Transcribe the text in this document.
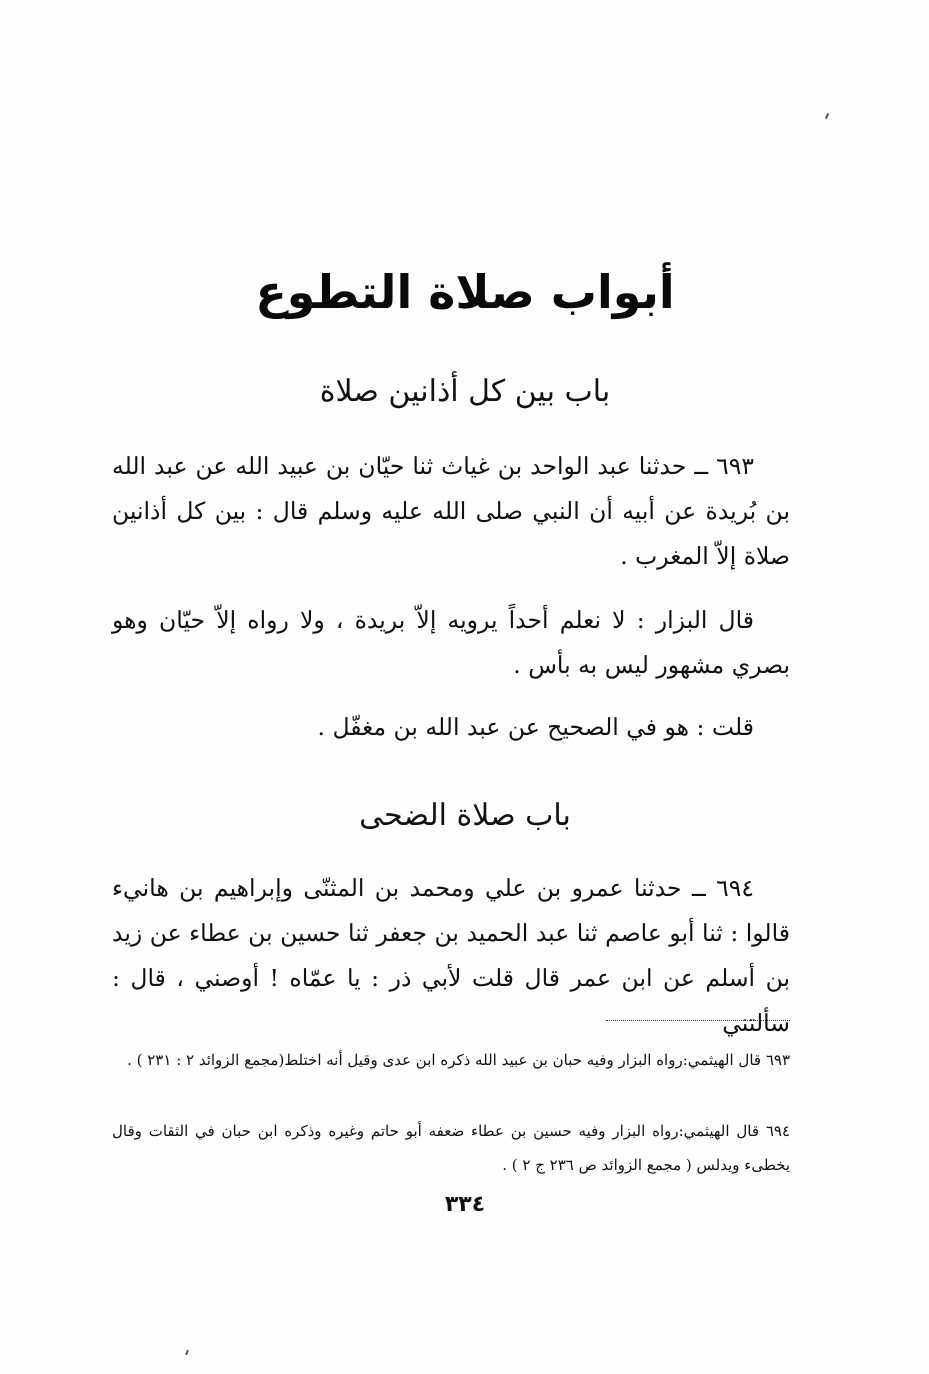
أبواب صلاة التطوع
باب بين كل أذانين صلاة
٦٩٣ ــ حدثنا عبد الواحد بن غياث ثنا حيّان بن عبيد الله عن عبد الله بن بُريدة عن أبيه أن النبي صلى الله عليه وسلم قال : بين كل أذانين صلاة إلاّ المغرب .
قال البزار : لا نعلم أحداً يرويه إلاّ بريدة ، ولا رواه إلاّ حيّان وهو بصري مشهور ليس به بأس .
قلت : هو في الصحيح عن عبد الله بن مغفّل .
باب صلاة الضحى
٦٩٤ ــ حدثنا عمرو بن علي ومحمد بن المثنّى وإبراهيم بن هانيء قالوا : ثنا أبو عاصم ثنا عبد الحميد بن جعفر ثنا حسين بن عطاء عن زيد بن أسلم عن ابن عمر قال قلت لأبي ذر : يا عمّاه ! أوصني ، قال : سألتني
٦٩٣ قال الهيثمي:رواه البزار وفيه حبان بن عبيد الله ذكره ابن عدى وقيل أنه اختلط(مجمع الزوائد ٢ : ٢٣١ ) .
٦٩٤ قال الهيثمي:رواه البزار وفيه حسين بن عطاء ضعفه أبو حاتم وغيره وذكره ابن حبان في الثقات وقال يخطىء ويدلس ( مجمع الزوائد ص ٢٣٦ ج ٢ ) .
٣٣٤
